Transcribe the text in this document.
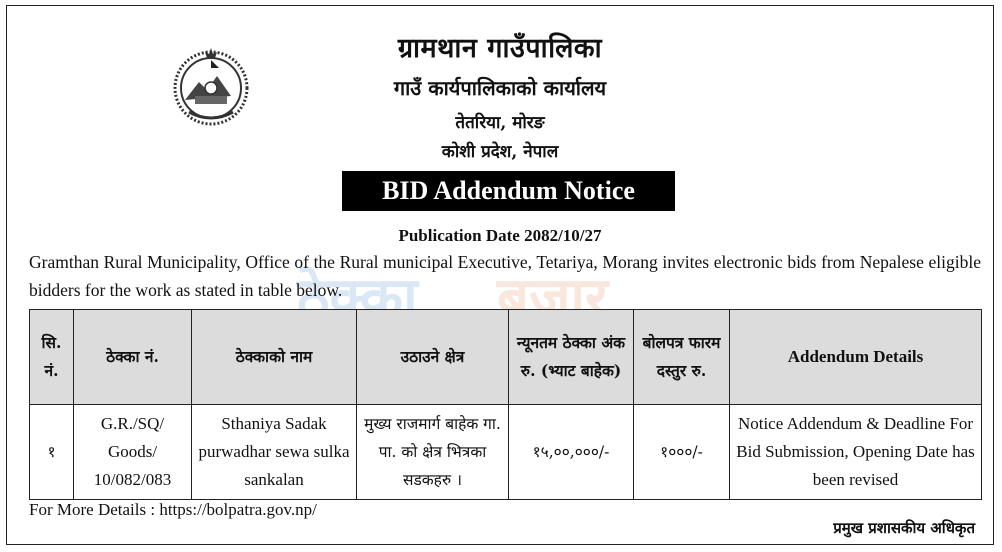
ग्रामथान गाउँपालिका
गाउँ कार्यपालिकाको कार्यालय
तेतरिया, मोरङ
कोशी प्रदेश, नेपाल
BID Addendum Notice
Publication Date 2082/10/27
ठेक्का बजार
Gramthan Rural Municipality, Office of the Rural municipal Executive, Tetariya, Morang invites electronic bids from Nepalese eligible bidders for the work as stated in table below.
सि. नं.	ठेक्का नं.	ठेक्काको नाम	उठाउने क्षेत्र	न्यूनतम ठेक्का अंक रु. (भ्याट बाहेक)	बोलपत्र फारम दस्तुर रु.	Addendum Details
१	G.R./SQ/ Goods/ 10/082/083	Sthaniya Sadak purwadhar sewa sulka sankalan	मुख्य राजमार्ग बाहेक गा. पा. को क्षेत्र भित्रका सडकहरु ।	१५,००,०००/-	१०००/-	Notice Addendum & Deadline For Bid Submission, Opening Date has been revised
For More Details : https://bolpatra.gov.np/
प्रमुख प्रशासकीय अधिकृत
